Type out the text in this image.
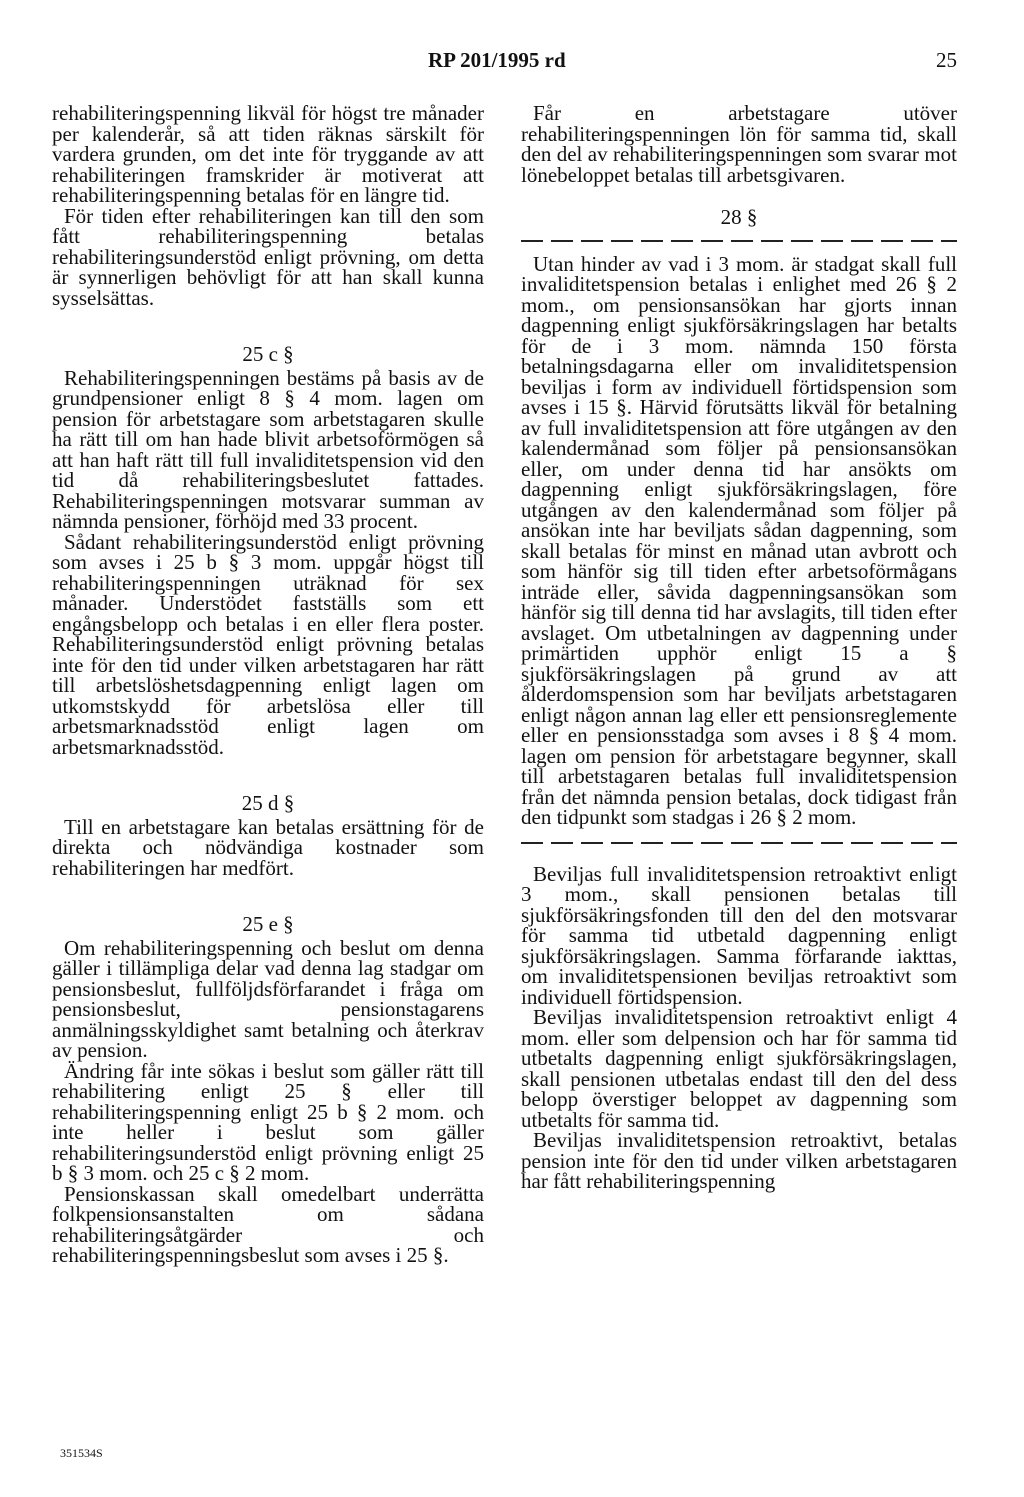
RP 201/1995 rd	25

rehabiliteringspenning likväl för högst tre månader per kalenderår, så att tiden räknas särskilt för vardera grunden, om det inte för tryggande av att rehabiliteringen framskrider är motiverat att rehabiliteringspenning betalas för en längre tid.

För tiden efter rehabiliteringen kan till den som fått rehabiliteringspenning betalas rehabiliteringsunderstöd enligt prövning, om detta är synnerligen behövligt för att han skall kunna sysselsättas.

25 c §

Rehabiliteringspenningen bestäms på basis av de grundpensioner enligt 8 § 4 mom. lagen om pension för arbetstagare som arbetstagaren skulle ha rätt till om han hade blivit arbetsoförmögen så att han haft rätt till full invaliditetspension vid den tid då rehabiliteringsbeslutet fattades. Rehabiliteringspenningen motsvarar summan av nämnda pensioner, förhöjd med 33 procent.

Sådant rehabiliteringsunderstöd enligt prövning som avses i 25 b § 3 mom. uppgår högst till rehabiliteringspenningen uträknad för sex månader. Understödet fastställs som ett engångsbelopp och betalas i en eller flera poster. Rehabiliteringsunderstöd enligt prövning betalas inte för den tid under vilken arbetstagaren har rätt till arbetslöshetsdagpenning enligt lagen om utkomstskydd för arbetslösa eller till arbetsmarknadsstöd enligt lagen om arbetsmarknadsstöd.

25 d §

Till en arbetstagare kan betalas ersättning för de direkta och nödvändiga kostnader som rehabiliteringen har medfört.

25 e §

Om rehabiliteringspenning och beslut om denna gäller i tillämpliga delar vad denna lag stadgar om pensionsbeslut, fullföljdsförfarandet i fråga om pensionsbeslut, pensionstagarens anmälningsskyldighet samt betalning och återkrav av pension.

Ändring får inte sökas i beslut som gäller rätt till rehabilitering enligt 25 § eller till rehabiliteringspenning enligt 25 b § 2 mom. och inte heller i beslut som gäller rehabiliteringsunderstöd enligt prövning enligt 25 b § 3 mom. och 25 c § 2 mom.

Pensionskassan skall omedelbart underrätta folkpensionsanstalten om sådana rehabiliteringsåtgärder och rehabiliteringspenningsbeslut som avses i 25 §.

Får en arbetstagare utöver rehabiliteringspenningen lön för samma tid, skall den del av rehabiliteringspenningen som svarar mot lönebeloppet betalas till arbetsgivaren.

28 §

Utan hinder av vad i 3 mom. är stadgat skall full invaliditetspension betalas i enlighet med 26 § 2 mom., om pensionsansökan har gjorts innan dagpenning enligt sjukförsäkringslagen har betalts för de i 3 mom. nämnda 150 första betalningsdagarna eller om invaliditetspension beviljas i form av individuell förtidspension som avses i 15 §. Härvid förutsätts likväl för betalning av full invaliditetspension att före utgången av den kalendermånad som följer på pensionsansökan eller, om under denna tid har ansökts om dagpenning enligt sjukförsäkringslagen, före utgången av den kalendermånad som följer på ansökan inte har beviljats sådan dagpenning, som skall betalas för minst en månad utan avbrott och som hänför sig till tiden efter arbetsoförmågans inträde eller, såvida dagpenningsansökan som hänför sig till denna tid har avslagits, till tiden efter avslaget. Om utbetalningen av dagpenning under primärtiden upphör enligt 15 a § sjukförsäkringslagen på grund av att ålderdomspension som har beviljats arbetstagaren enligt någon annan lag eller ett pensionsreglemente eller en pensionsstadga som avses i 8 § 4 mom. lagen om pension för arbetstagare begynner, skall till arbetstagaren betalas full invaliditetspension från det nämnda pension betalas, dock tidigast från den tidpunkt som stadgas i 26 § 2 mom.

Beviljas full invaliditetspension retroaktivt enligt 3 mom., skall pensionen betalas till sjukförsäkringsfonden till den del den motsvarar för samma tid utbetald dagpenning enligt sjukförsäkringslagen. Samma förfarande iakttas, om invaliditetspensionen beviljas retroaktivt som individuell förtidspension.

Beviljas invaliditetspension retroaktivt enligt 4 mom. eller som delpension och har för samma tid utbetalts dagpenning enligt sjukförsäkringslagen, skall pensionen utbetalas endast till den del dess belopp överstiger beloppet av dagpenning som utbetalts för samma tid.

Beviljas invaliditetspension retroaktivt, betalas pension inte för den tid under vilken arbetstagaren har fått rehabiliteringspenning

351534S
